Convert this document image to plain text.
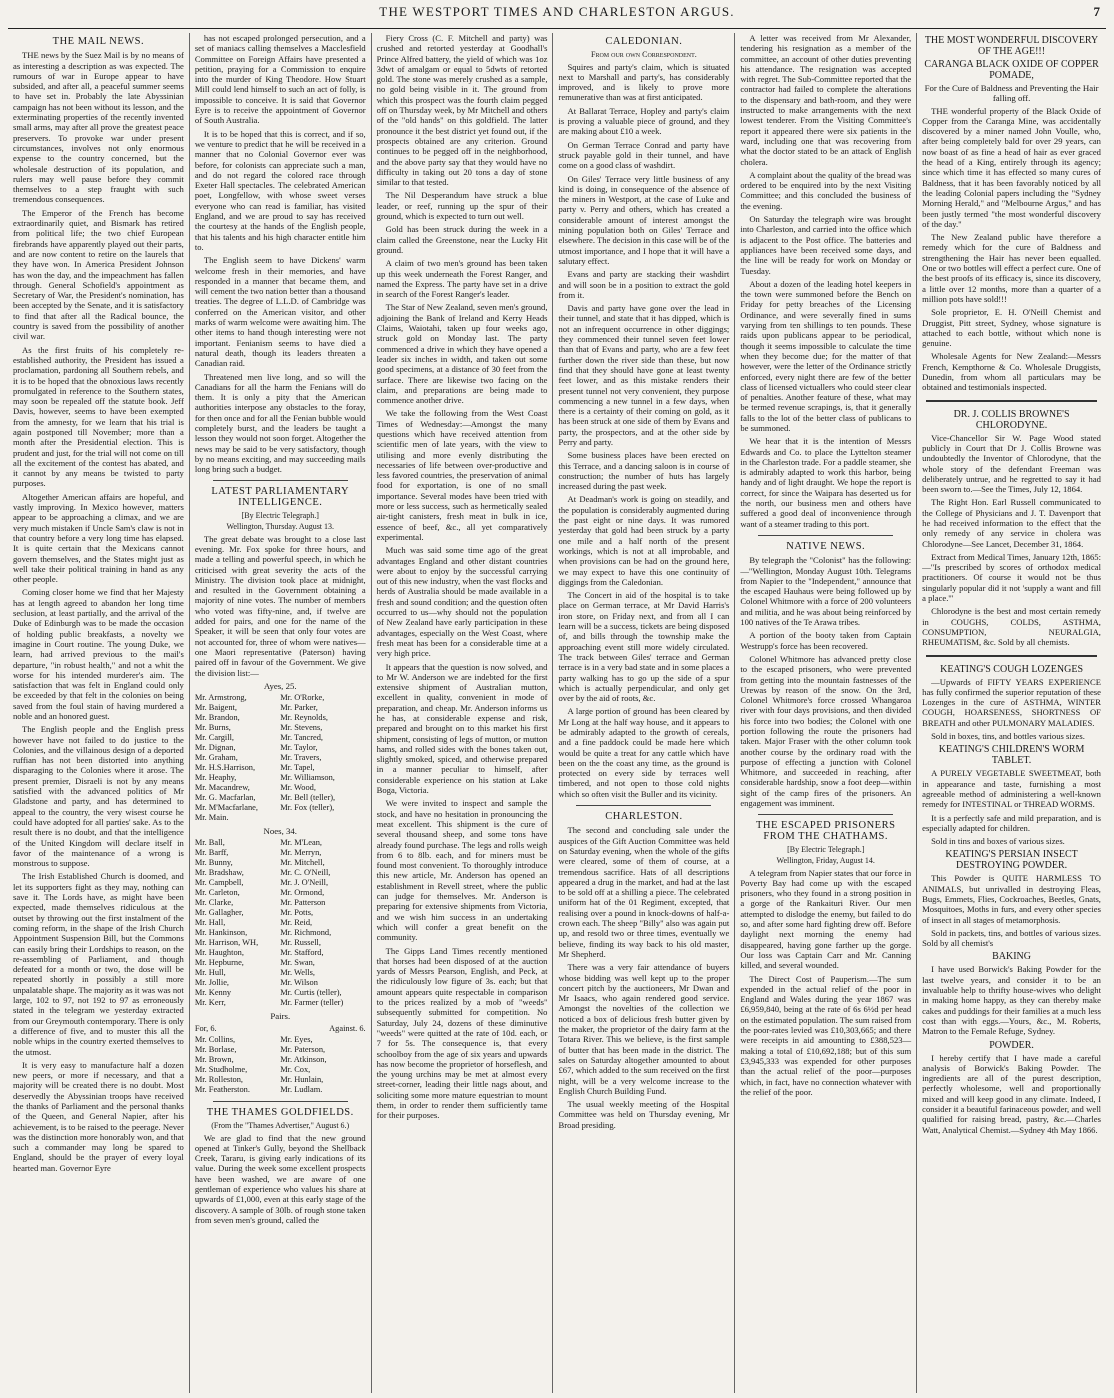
THE WESTPORT TIMES AND CHARLESTON ARGUS.	7
THE MAIL NEWS.

THE news by the Suez Mail is by no means of as interesting a description as was expected. The rumours of war in Europe appear to have subsided, and after all, a peaceful summer seems to have set in. Probably the late Abyssinian campaign has not been without its lesson, and the exterminating properties of the recently invented small arms, may after all prove the greatest peace preservers. To provoke war under present circumstances, involves not only enormous expense to the country concerned, but the wholesale destruction of its population, and rulers may well pause before they commit themselves to a step fraught with such tremendous consequences.

The Emperor of the French has become extraordinarily quiet, and Bismark has retired from political life; the two chief European firebrands have apparently played out their parts, and are now content to retire on the laurels that they have won. In America President Johnson has won the day, and the impeachment has fallen through. General Schofield's appointment as Secretary of War, the President's nomination, has been accepted by the Senate, and it is satisfactory to find that after all the Radical bounce, the country is saved from the possibility of another civil war.

As the first fruits of his completely re-established authority, the President has issued a proclamation, pardoning all Southern rebels, and it is to be hoped that the obnoxious laws recently promulgated in reference to the Southern states, may soon be repealed off the statute book. Jeff Davis, however, seems to have been exempted from the amnesty, for we learn that his trial is again postponed till November; more than a month after the Presidential election. This is prudent and just, for the trial will not come on till all the excitement of the contest has abated, and it cannot by any means be twisted to party purposes.

Altogether American affairs are hopeful, and vastly improving. In Mexico however, matters appear to be approaching a climax, and we are very much mistaken if Uncle Sam's claw is not in that country before a very long time has elapsed. It is quite certain that the Mexicans cannot govern themselves, and the States might just as well take their political training in hand as any other people.

Coming closer home we find that her Majesty has at length agreed to abandon her long time seclusion, at least partially, and the arrival of the Duke of Edinburgh was to be made the occasion of holding public breakfasts, a novelty we imagine in Court routine. The young Duke, we learn, had arrived previous to the mail's departure, "in robust health," and not a whit the worse for his intended murderer's aim. The satisfaction that was felt in England could only be exceeded by that felt in the colonies on being saved from the foul stain of having murdered a noble and an honored guest.

The English people and the English press however have not failed to do justice to the Colonies, and the villainous design of a deported ruffian has not been distorted into anything disparaging to the Colonies where it arose. The present premier, Disraeli is not by any means satisfied with the advanced politics of Mr Gladstone and party, and has determined to appeal to the country, the very wisest course he could have adopted for all parties' sake. As to the result there is no doubt, and that the intelligence of the United Kingdom will declare itself in favor of the maintenance of a wrong is monstrous to suppose.

The Irish Established Church is doomed, and let its supporters fight as they may, nothing can save it. The Lords have, as might have been expected, made themselves ridiculous at the outset by throwing out the first instalment of the coming reform, in the shape of the Irish Church Appointment Suspension Bill, but the Commons can easily bring their Lordships to reason, on the re-assembling of Parliament, and though defeated for a month or two, the dose will be repeated shortly in possibly a still more unpalatable shape. The majority as it was was not large, 102 to 97, not 192 to 97 as erroneously stated in the telegram we yesterday extracted from our Greymouth contemporary. There is only a difference of five, and to muster this all the noble whips in the country exerted themselves to the utmost.

It is very easy to manufacture half a dozen new peers, or more if necessary, and that a majority will be created there is no doubt. Most deservedly the Abyssinian troops have received the thanks of Parliament and the personal thanks of the Queen, and General Napier, after his achievement, is to be raised to the peerage. Never was the distinction more honorably won, and that such a commander may long be spared to England, should be the prayer of every loyal hearted man. Governor Eyre

has not escaped prolonged persecution, and a set of maniacs calling themselves a Macclesfield Committee on Foreign Affairs have presented a petition, praying for a Commission to enquire into the murder of King Theodore. How Stuart Mill could lend himself to such an act of folly, is impossible to conceive. It is said that Governor Eyre is to receive the appointment of Governor of South Australia.

It is to be hoped that this is correct, and if so, we venture to predict that he will be received in a manner that no Colonial Governor ever was before, for colonists can appreciate such a man, and do not regard the colored race through Exeter Hall spectacles. The celebrated American poet, Longfellow, with whose sweet verses everyone who can read is familiar, has visited England, and we are proud to say has received the courtesy at the hands of the English people, that his talents and his high character entitle him to.

The English seem to have Dickens' warm welcome fresh in their memories, and have responded in a manner that became them, and will cement the two nation better than a thousand treaties. The degree of L.L.D. of Cambridge was conferred on the American visitor, and other marks of warm welcome were awaiting him. The other items to hand though interesting were not important. Fenianism seems to have died a natural death, though its leaders threaten a Canadian raid.

Threatened men live long, and so will the Canadians for all the harm the Fenians will do them. It is only a pity that the American authorities interpose any obstacles to the foray, for then once and for all the Fenian bubble would completely burst, and the leaders be taught a lesson they would not soon forget. Altogether the news may be said to be very satisfactory, though by no means exciting, and may succeeding mails long bring such a budget.

LATEST PARLIAMENTARY INTELLIGENCE.
[By Electric Telegraph.]
Wellington, Thursday. August 13.

The great debate was brought to a close last evening. Mr. Fox spoke for three hours, and made a telling and powerful speech, in which he criticised with great severity the acts of the Ministry. The division took place at midnight, and resulted in the Government obtaining a majority of nine votes. The number of members who voted was fifty-nine, and, if twelve are added for pairs, and one for the name of the Speaker, it will be seen that only four votes are not accounted for, three of whom were natives—one Maori representative (Paterson) having paired off in favour of the Government. We give the division list:—

Ayes, 25.
Mr. Armstrong,	Mr. O'Rorke,
Mr. Baigent,	Mr. Parker,
Mr. Brandon,	Mr. Reynolds,
Mr. Burns,	Mr. Stevens,
Mr. Cargill,	Mr. Tancred,
Mr. Dignan,	Mr. Taylor,
Mr. Graham,	Mr. Travers,
Mr. H.S.Harrison,	Mr. Tapel,
Mr. Heaphy,	Mr. Williamson,
Mr. Macandrew,	Mr. Wood,
Mr. G. Macfarlan,	Mr. Bell (teller),
Mr. M'Macfarlane,	Mr. Fox (teller),
Mr. Main.
Noes, 34.
Mr. Ball,	Mr. M'Lean,
Mr. Barff,	Mr. Merryn,
Mr. Bunny,	Mr. Mitchell,
Mr. Bradshaw,	Mr. C. O'Neill,
Mr. Campbell,	Mr. J. O'Neill,
Mr. Carleton,	Mr. Ormond,
Mr. Clarke,	Mr. Patterson
Mr. Gallagher,	Mr. Potts,
Mr. Hall,	Mr. Reid,
Mr. Hankinson,	Mr. Richmond,
Mr. Harrison, WH,	Mr. Russell,
Mr. Haughton,	Mr. Stafford,
Mr. Hepburne,	Mr. Swan,
Mr. Hull,	Mr. Wells,
Mr. Jollie,	Mr. Wilson
Mr. Kenny	Mr. Curtis (teller),
Mr. Kerr,	Mr. Farmer (teller)
Pairs.
For, 6.	Against. 6.
Mr. Collins,	Mr. Eyes,
Mr. Borlase,	Mr. Paterson,
Mr. Brown,	Mr. Atkinson,
Mr. Studholme,	Mr. Cox,
Mr. Rolleston,	Mr. Hunlain,
Mr. Featherston.	Mr. Ludlam.
THE THAMES GOLDFIELDS.
(From the "Thames Advertiser," August 6.)

We are glad to find that the new ground opened at Tinker's Gully, beyond the Shellback Creek, Tararu, is giving early indications of its value. During the week some excellent prospects have been washed, we are aware of one gentleman of experience who values his share at upwards of £1,000, even at this early stage of the discovery. A sample of 30lb. of rough stone taken from seven men's ground, called the

Fiery Cross (C. F. Mitchell and party) was crushed and retorted yesterday at Goodhall's Prince Alfred battery, the yield of which was 1oz 3dwt of amalgam or equal to 5dwts of retorted gold. The stone was merely crushed as a sample, no gold being visible in it. The ground from which this prospect was the fourth claim pegged off on Thursday week, by Mr Mitchell and others of the "old hands" on this goldfield. The latter pronounce it the best district yet found out, if the prospects obtained are any criterion. Ground continues to be pegged off in the neighborhood, and the above party say that they would have no difficulty in taking out 20 tons a day of stone similar to that tested.

The Nil Desperandum have struck a blue leader, or reef, running up the spur of their ground, which is expected to turn out well.

Gold has been struck during the week in a claim called the Greenstone, near the Lucky Hit ground.

A claim of two men's ground has been taken up this week underneath the Forest Ranger, and named the Express. The party have set in a drive in search of the Forest Ranger's leader.

The Star of New Zealand, seven men's ground, adjoining the Bank of Ireland and Kerry Heads Claims, Waiotahi, taken up four weeks ago, struck gold on Monday last. The party commenced a drive in which they have opened a leader six inches in width, and taken out some good specimens, at a distance of 30 feet from the surface. There are likewise two facing on the claim, and preparations are being made to commence another drive.

We take the following from the West Coast Times of Wednesday:—Amongst the many questions which have received attention from scientific men of late years, with the view to utilising and more evenly distributing the necessaries of life between over-productive and less favored countries, the preservation of animal food for exportation, is one of no small importance. Several modes have been tried with more or less success, such as hermetically sealed air-tight canisters, fresh meat in bulk in ice, essence of beef, &c., all yet comparatively experimental.

Much was said some time ago of the great advantages England and other distant countries were about to enjoy by the successful carrying out of this new industry, when the vast flocks and herds of Australia should be made available in a fresh and sound condition; and the question often occurred to us—why should not the population of New Zealand have early participation in these advantages, especially on the West Coast, where fresh meat has been for a considerable time at a very high price.

It appears that the question is now solved, and to Mr W. Anderson we are indebted for the first extensive shipment of Australian mutton, excellent in quality, convenient in mode of preparation, and cheap. Mr. Anderson informs us he has, at considerable expense and risk, prepared and brought on to this market his first shipment, consisting of legs of mutton, or mutton hams, and rolled sides with the bones taken out, slightly smoked, spiced, and otherwise prepared in a manner peculiar to himself, after considerable experience on his station at Lake Boga, Victoria.

We were invited to inspect and sample the stock, and have no hesitation in pronouncing the meat excellent. This shipment is the cure of several thousand sheep, and some tons have already found purchase. The legs and rolls weigh from 6 to 8lb. each, and for miners must be found most convenient. To thoroughly introduce this new article, Mr. Anderson has opened an establishment in Revell street, where the public can judge for themselves. Mr. Anderson is preparing for extensive shipments from Victoria, and we wish him success in an undertaking which will confer a great benefit on the community.

The Gipps Land Times recently mentioned that horses had been disposed of at the auction yards of Messrs Pearson, English, and Peck, at the ridiculously low figure of 3s. each; but that amount appears quite respectable in comparison to the prices realized by a mob of "weeds" subsequently submitted for competition. No Saturday, July 24, dozens of these diminutive "weeds" were quitted at the rate of 10d. each, or 7 for 5s. The consequence is, that every schoolboy from the age of six years and upwards has now become the proprietor of horseflesh, and the young urchins may be met at almost every street-corner, leading their little nags about, and soliciting some more mature equestrian to mount them, in order to render them sufficiently tame for their purposes.

CALEDONIAN.
From our own Correspondent.

Squires and party's claim, which is situated next to Marshall and party's, has considerably improved, and is likely to prove more remunerative than was at first anticipated.

At Ballarat Terrace, Hopley and party's claim is proving a valuable piece of ground, and they are making about £10 a week.

On German Terrace Conrad and party have struck payable gold in their tunnel, and have come on a good class of washdirt.

On Giles' Terrace very little business of any kind is doing, in consequence of the absence of the miners in Westport, at the case of Luke and party v. Perry and others, which has created a considerable amount of interest amongst the mining population both on Giles' Terrace and elsewhere. The decision in this case will be of the utmost importance, and I hope that it will have a salutary effect.

Evans and party are stacking their washdirt and will soon be in a position to extract the gold from it.

Davis and party have gone over the lead in their tunnel, and state that it has dipped, which is not an infrequent occurrence in other diggings; they commenced their tunnel seven feet lower than that of Evans and party, who are a few feet further down the river side than these, but now find that they should have gone at least twenty feet lower, and as this mistake renders their present tunnel not very convenient, they purpose commencing a new tunnel in a few days, when there is a certainty of their coming on gold, as it has been struck at one side of them by Evans and party, the prospectors, and at the other side by Perry and party.

Some business places have been erected on this Terrace, and a dancing saloon is in course of construction; the number of huts has largely increased during the past week.

At Deadman's work is going on steadily, and the population is considerably augmented during the past eight or nine days. It was rumored yesterday that gold had been struck by a party one mile and a half north of the present workings, which is not at all improbable, and when provisions can be had on the ground here, we may expect to have this one continuity of diggings from the Caledonian.

The Concert in aid of the hospital is to take place on German terrace, at Mr David Harris's iron store, on Friday next, and from all I can learn will be a success, tickets are being disposed of, and bills through the township make the approaching event still more widely circulated. The track between Giles' terrace and German terrace is in a very bad state and in some places a party walking has to go up the side of a spur which is actually perpendicular, and only get over by the aid of roots, &c.

A large portion of ground has been cleared by Mr Long at the half way house, and it appears to be admirably adapted to the growth of cereals, and a fine paddock could be made here which would be quite a treat for any cattle which have been on the the coast any time, as the ground is protected on every side by terraces well timbered, and not open to those cold nights which so often visit the Buller and its vicinity.

CHARLESTON.

The second and concluding sale under the auspices of the Gift Auction Committee was held on Saturday evening, when the whole of the gifts were cleared, some of them of course, at a tremendous sacrifice. Hats of all descriptions appeared a drug in the market, and had at the last to be sold off at a shilling a piece. The celebrated uniform hat of the 01 Regiment, excepted, that realising over a pound in knock-downs of half-a-crown each. The sheep "Billy" also was again put up, and resold two or three times, eventually we believe, finding its way back to his old master, Mr Shepherd.

There was a very fair attendance of buyers whose bidding was well kept up to the proper concert pitch by the auctioneers, Mr Dwan and Mr Isaacs, who again rendered good service. Amongst the novelties of the collection we noticed a box of delicious fresh butter given by the maker, the proprietor of the dairy farm at the Totara River. This we believe, is the first sample of butter that has been made in the district. The sales on Saturday altogether amounted to about £67, which added to the sum received on the first night, will be a very welcome increase to the English Church Building Fund.

The usual weekly meeting of the Hospital Committee was held on Thursday evening, Mr Broad presiding.

A letter was received from Mr Alexander, tendering his resignation as a member of the committee, an account of other duties preventing his attendance. The resignation was accepted with regret. The Sub-Committee reported that the contractor had failed to complete the alterations to the dispensary and bath-room, and they were instructed to make arrangements with the next lowest tenderer. From the Visiting Committee's report it appeared there were six patients in the ward, including one that was recovering from what the doctor stated to be an attack of English cholera.

A complaint about the quality of the bread was ordered to be enquired into by the next Visiting Committee; and this concluded the business of the evening.

On Saturday the telegraph wire was brought into Charleston, and carried into the office which is adjacent to the Post office. The batteries and appliances have been received some days, and the line will be ready for work on Monday or Tuesday.

About a dozen of the leading hotel keepers in the town were summoned before the Bench on Friday for petty breaches of the Licensing Ordinance, and were severally fined in sums varying from ten shillings to ten pounds. These raids upon publicans appear to be periodical, though it seems impossible to calculate the time when they become due; for the matter of that however, were the letter of the Ordinance strictly enforced, every night there are few of the better class of licensed victuallers who could steer clear of penalties. Another feature of these, what may be termed revenue scrapings, is, that it generally falls to the lot of the better class of publicans to be summoned.

We hear that it is the intention of Messrs Edwards and Co. to place the Lyttelton steamer in the Charleston trade. For a paddle steamer, she is admirably adapted to work this harbor, being handy and of light draught. We hope the report is correct, for since the Waipara has deserted us for the north, our business men and others have suffered a good deal of inconvenience through want of a steamer trading to this port.

NATIVE NEWS.

By telegraph the "Colonist" has the following:—"Wellington, Monday August 10th. Telegrams from Napier to the "Independent," announce that the escaped Hauhaus were being followed up by Colonel Whitmore with a force of 200 volunteers and militia, and he was about being reinforced by 100 natives of the Te Arawa tribes.

A portion of the booty taken from Captain Westrupp's force has been recovered.

Colonel Whitmore has advanced pretty close to the escaped prisoners, who were prevented from getting into the mountain fastnesses of the Urewas by reason of the snow. On the 3rd, Colonel Whitmore's force crossed Whangaroa river with four days provisions, and then divided his force into two bodies; the Colonel with one portion following the route the prisoners had taken. Major Fraser with the other column took another course by the ordinary road with the purpose of effecting a junction with Colonel Whitmore, and succeeded in reaching, after considerable hardship, snow a foot deep—within sight of the camp fires of the prisoners. An engagement was imminent.

THE ESCAPED PRISONERS FROM THE CHATHAMS.
[By Electric Telegraph.]
Wellington, Friday, August 14.

A telegram from Napier states that our force in Poverty Bay had come up with the escaped prisoners, who they found in a strong position in a gorge of the Rankaituri River. Our men attempted to dislodge the enemy, but failed to do so, and after some hard fighting drew off. Before daylight next morning the enemy had disappeared, having gone farther up the gorge. Our loss was Captain Carr and Mr. Canning killed, and several wounded.

The Direct Cost of Pauperism.—The sum expended in the actual relief of the poor in England and Wales during the year 1867 was £6,959,840, being at the rate of 6s 6½d per head on the estimated population. The sum raised from the poor-rates levied was £10,303,665; and there were receipts in aid amounting to £388,523—making a total of £10,692,188; but of this sum £3,945,333 was expended for other purposes than the actual relief of the poor—purposes which, in fact, have no connection whatever with the relief of the poor.

THE MOST WONDERFUL DISCOVERY OF THE AGE!!!
CARANGA BLACK OXIDE OF COPPER POMADE,
For the Cure of Baldness and Preventing the Hair falling off.

THE wonderful property of the Black Oxide of Copper from the Caranga Mine, was accidentally discovered by a miner named John Voulle, who, after being completely bald for over 29 years, can now boast of as fine a head of hair as ever graced the head of a King, entirely through its agency; since which time it has effected so many cures of Baldness, that it has been favorably noticed by all the leading Colonial papers including the "Sydney Morning Herald," and "Melbourne Argus," and has been justly termed "the most wonderful discovery of the day."

The New Zealand public have therefore a remedy which for the cure of Baldness and strengthening the Hair has never been equalled. One or two bottles will effect a perfect cure. One of the best proofs of its efficacy is, since its discovery, a little over 12 months, more than a quarter of a million pots have sold!!!

Sole proprietor, E. H. O'Neill Chemist and Druggist, Pitt street, Sydney, whose signature is attached to each bottle, without which none is genuine.

Wholesale Agents for New Zealand:—Messrs French, Kempthorne & Co. Wholesale Druggists, Dunedin, from whom all particulars may be obtained and testimonials inspected.

DR. J. COLLIS BROWNE'S CHLORODYNE.

Vice-Chancellor Sir W. Page Wood stated publicly in Court that Dr J. Collis Browne was undoubtedly the Inventor of Chlorodyne, that the whole story of the defendant Freeman was deliberately untrue, and he regretted to say it had been sworn to.—See the Times, July 12, 1864.

The Right Hon. Earl Russell communicated to the College of Physicians and J. T. Davenport that he had received information to the effect that the only remedy of any service in cholera was Chlorodyne—See Lancet, December 31, 1864.

Extract from Medical Times, January 12th, 1865:—"Is prescribed by scores of orthodox medical practitioners. Of course it would not be thus singularly popular did it not 'supply a want and fill a place.'"

Chlorodyne is the best and most certain remedy in COUGHS, COLDS, ASTHMA, CONSUMPTION, NEURALGIA, RHEUMATISM, &c. Sold by all chemists.

KEATING'S COUGH LOZENGES

—Upwards of FIFTY YEARS EXPERIENCE has fully confirmed the superior reputation of these Lozenges in the cure of ASTHMA, WINTER COUGH, HOARSENESS, SHORTNESS OF BREATH and other PULMONARY MALADIES.

Sold in boxes, tins, and bottles various sizes.

KEATING'S CHILDREN'S WORM TABLET.

A PURELY VEGETABLE SWEETMEAT, both in appearance and taste, furnishing a most agreeable method of administering a well-known remedy for INTESTINAL or THREAD WORMS.

It is a perfectly safe and mild preparation, and is especially adapted for children.

Sold in tins and boxes of various sizes.

KEATING'S PERSIAN INSECT DESTROYING POWDER.

This Powder is QUITE HARMLESS TO ANIMALS, but unrivalled in destroying Fleas, Bugs, Emmets, Flies, Cockroaches, Beetles, Gnats, Mosquitoes, Moths in furs, and every other species of insect in all stages of metamorphosis.

Sold in packets, tins, and bottles of various sizes. Sold by all chemist's

BAKING

I have used Borwick's Baking Powder for the last twelve years, and consider it to be an invaluable help to thrifty house-wives who delight in making home happy, as they can thereby make cakes and puddings for their families at a much less cost than with eggs.—Yours, &c., M. Roberts, Matron to the Female Refuge, Sydney.

POWDER.

I hereby certify that I have made a careful analysis of Borwick's Baking Powder. The ingredients are all of the purest description, perfectly wholesome, well and proportionally mixed and will keep good in any climate. Indeed, I consider it a beautiful farinaceous powder, and well qualified for raising bread, pastry, &c.—Charles Watt, Analytical Chemist.—Sydney 4th May 1866.
